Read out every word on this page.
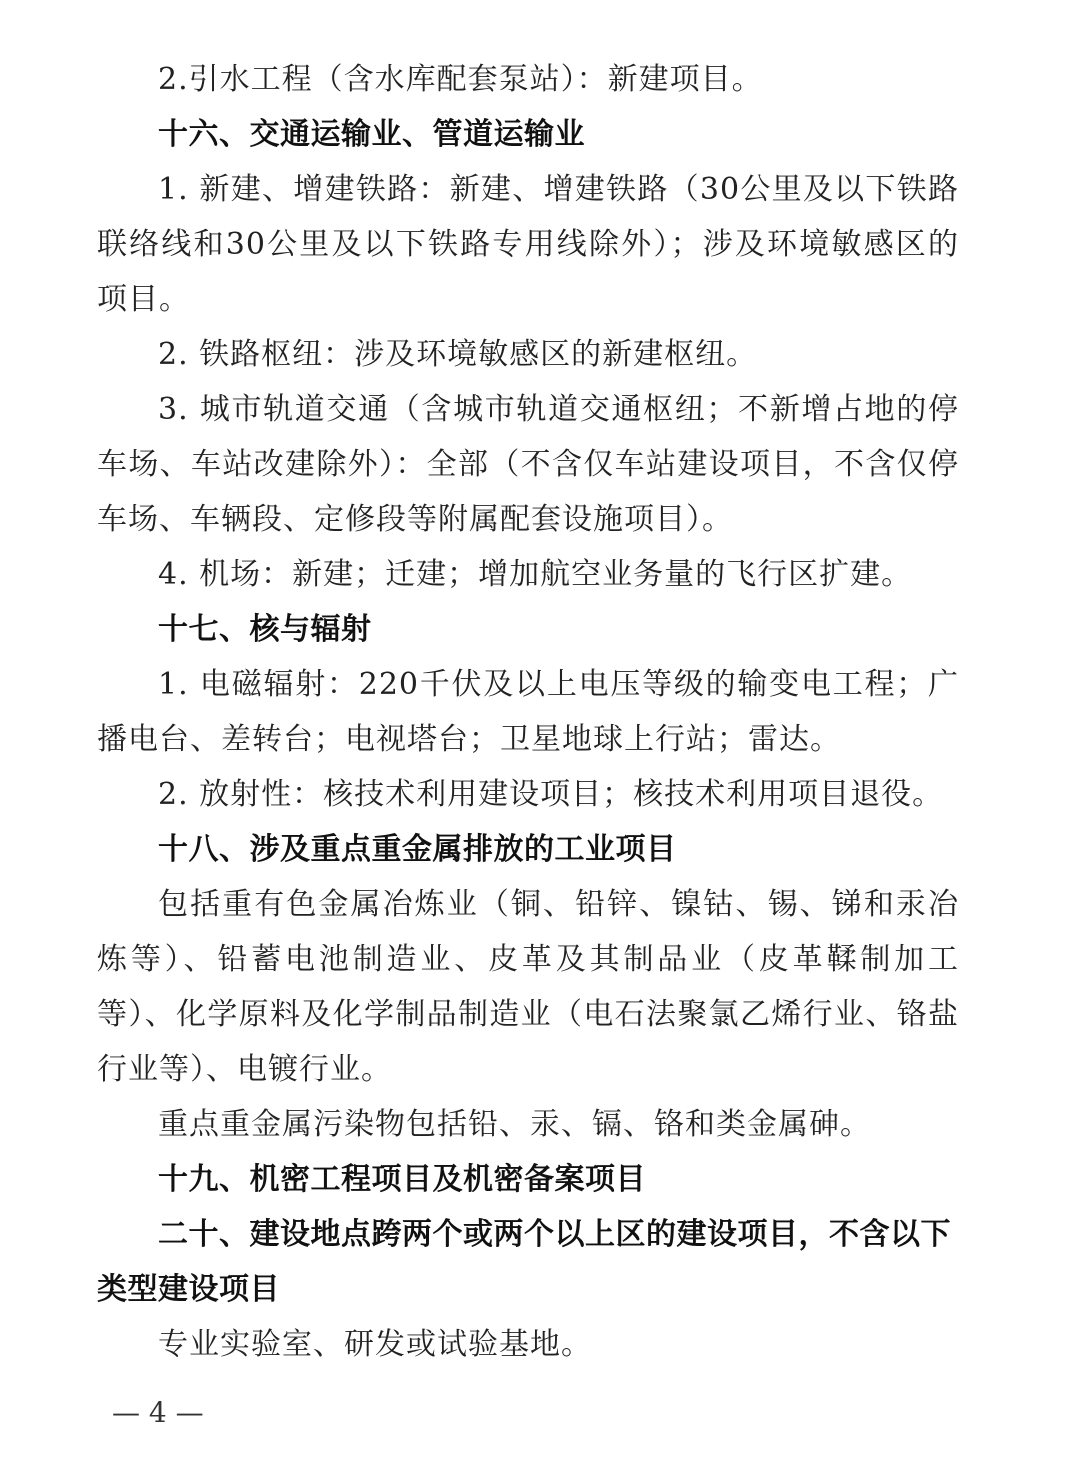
2.引水工程（含水库配套泵站）：新建项目。

十六、交通运输业、管道运输业

1. 新建、增建铁路：新建、增建铁路（30公里及以下铁路联络线和30公里及以下铁路专用线除外）；涉及环境敏感区的项目。

2. 铁路枢纽：涉及环境敏感区的新建枢纽。

3. 城市轨道交通（含城市轨道交通枢纽；不新增占地的停车场、车站改建除外）：全部（不含仅车站建设项目，不含仅停车场、车辆段、定修段等附属配套设施项目）。

4. 机场：新建；迁建；增加航空业务量的飞行区扩建。

十七、核与辐射

1. 电磁辐射：220千伏及以上电压等级的输变电工程；广播电台、差转台；电视塔台；卫星地球上行站；雷达。

2. 放射性：核技术利用建设项目；核技术利用项目退役。

十八、涉及重点重金属排放的工业项目

包括重有色金属冶炼业（铜、铅锌、镍钴、锡、锑和汞冶炼等）、铅蓄电池制造业、皮革及其制品业（皮革鞣制加工等）、化学原料及化学制品制造业（电石法聚氯乙烯行业、铬盐行业等）、电镀行业。

重点重金属污染物包括铅、汞、镉、铬和类金属砷。

十九、机密工程项目及机密备案项目

二十、建设地点跨两个或两个以上区的建设项目，不含以下类型建设项目

专业实验室、研发或试验基地。

— 4 —
